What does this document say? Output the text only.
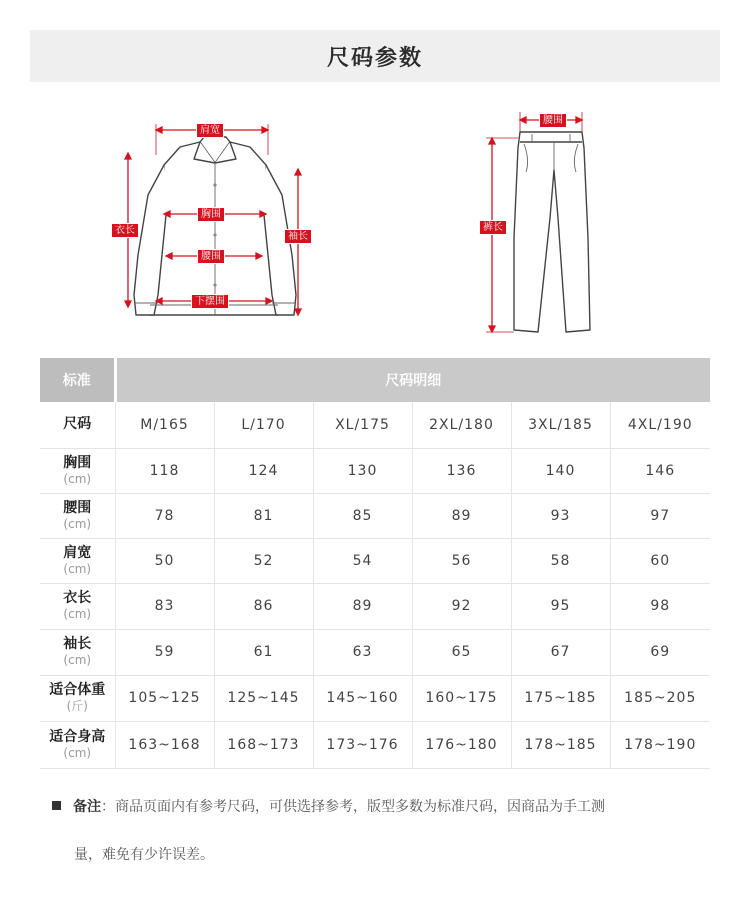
尺码参数
肩宽
胸围
腰围
下摆围
衣长
袖长
腰围
裤长
标准	尺码明细					

尺码	M/165	L/170	XL/175	2XL/180	3XL/185	4XL/190

胸围
(cm)	118	124	130	136	140	146

腰围
(cm)	78	81	85	89	93	97

肩宽
(cm)	50	52	54	56	58	60

衣长
(cm)	83	86	89	92	95	98

袖长
(cm)	59	61	63	65	67	69

适合体重
(斤)	105~125	125~145	145~160	160~175	175~185	185~205

适合身高
(cm)	163~168	168~173	173~176	176~180	178~185	178~190
备注：商品页面内有参考尺码，可供选择参考，版型多数为标准尺码，因商品为手工测
量，难免有少许误差。
